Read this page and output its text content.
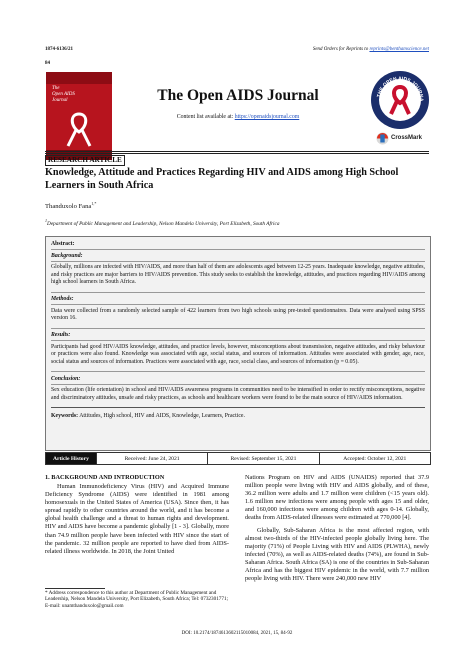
1874-6136/21	Send Orders for Reprints to reprints@benthamscience.net
84
The
Open AIDS
Journal	The Open AIDS Journal
Content list available at: https://openaidsjournal.com
THE OPEN AIDS JOURNA
CrossMark
RESEARCH ARTICLE
Knowledge, Attitude and Practices Regarding HIV and AIDS among High School Learners in South Africa
Thanduxolo Fana$^{1,*}$
$^1$Department of Public Management and Leadership, Nelson Mandela University, Port Elizabeth, South Africa
Abstract:
Background:
Globally, millions are infected with HIV/AIDS, and more than half of them are adolescents aged between 12-25 years. Inadequate knowledge, negative attitudes, and risky practices are major barriers to HIV/AIDS prevention. This study seeks to establish the knowledge, attitudes, and practices regarding HIV/AIDS among high school learners in South Africa.
Methods:
Data were collected from a randomly selected sample of 422 learners from two high schools using pre-tested questionnaires. Data were analysed using SPSS version 16.
Results:
Participants had good HIV/AIDS knowledge, attitudes, and practice levels, however, misconceptions about transmission, negative attitudes, and risky behaviour or practices were also found. Knowledge was associated with age, social status, and sources of information. Attitudes were associated with gender, age, race, social status and sources of information. Practices were associated with age, race, social class, and sources of information (p = 0.05).
Conclusion:
Sex education (life orientation) in school and HIV/AIDS awareness programs in communities need to be intensified in order to rectify misconceptions, negative and discriminatory attitudes, unsafe and risky practices, as schools and healthcare workers were found to be the main source of HIV/AIDS information.
Keywords: Attitudes, High school, HIV and AIDS, Knowledge, Learners, Practice.
Article History	Received: June 24, 2021	Revised: September 15, 2021	Accepted: October 12, 2021
1. BACKGROUND AND INTRODUCTION

Human Immunodeficiency Virus (HIV) and Acquired Immune Deficiency Syndrome (AIDS) were identified in 1981 among homosexuals in the United States of America (USA). Since then, it has spread rapidly to other countries around the world, and it has become a global health challenge and a threat to human rights and development. HIV and AIDS have become a pandemic globally [1 - 3]. Globally, more than 74.9 million people have been infected with HIV since the start of the pandemic. 32 million people are reported to have died from AIDS-related illness worldwide. In 2018, the Joint United

Nations Program on HIV and AIDS (UNAIDS) reported that 37.9 million people were living with HIV and AIDS globally, and of these, 36.2 million were adults and 1.7 million were children (<15 years old). 1.6 million new infections were among people with ages 15 and older, and 160,000 infections were among children with ages 0-14. Globally, deaths from AIDS-related illnesses were estimated at 770,000 [4].

Globally, Sub-Saharan Africa is the most affected region, with almost two-thirds of the HIV-infected people globally living here. The majority (71%) of People Living with HIV and AIDS (PLWHA), newly infected (70%), as well as AIDS-related deaths (74%), are found in Sub-Saharan Africa. South Africa (SA) is one of the countries in Sub-Saharan Africa and has the biggest HIV epidemic in the world, with 7.7 million people living with HIV. There were 240,000 new HIV

* Address correspondence to this author at Department of Public Management and Leadership, Nelson Mandela University, Port Elizabeth, South Africa; Tel: 0732301771; E-mail: unamthanduxolo@gmail.com
DOI: 10.2174/1874613602115010084, 2021, 15, 84-92
